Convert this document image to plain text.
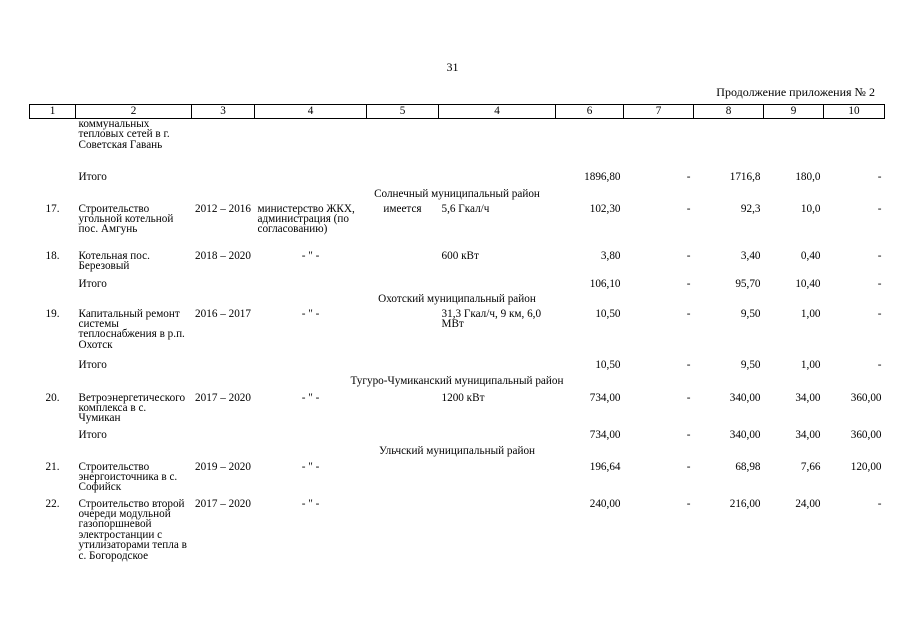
31
Продолжение приложения № 2
1	2	3	4	5	4	6	7	8	9	10
	коммунальных тепловых сетей в г. Советская Гавань									
	Итого					1896,80	-	1716,8	180,0	-
Солнечный муниципальный район										
17.	Строительство угольной котельной пос. Амгунь	2012 – 2016	министерство ЖКХ, администрация (по согласованию)	имеется	5,6 Гкал/ч	102,30	-	92,3	10,0	-
18.	Котельная пос. Березовый	2018 – 2020	- " -		600 кВт	3,80	-	3,40	0,40	-
	Итого					106,10	-	95,70	10,40	-
Охотский муниципальный район										
19.	Капитальный ремонт системы теплоснабжения в р.п. Охотск	2016 – 2017	- " -		31,3 Гкал/ч, 9 км, 6,0 МВт	10,50	-	9,50	1,00	-
	Итого					10,50	-	9,50	1,00	-
Тугуро-Чумиканский муниципальный район										
20.	Ветроэнергетического комплекса в с. Чумикан	2017 – 2020	- " -		1200 кВт	734,00	-	340,00	34,00	360,00
	Итого					734,00	-	340,00	34,00	360,00
Ульчский муниципальный район										
21.	Строительство энергоисточника в с. Софийск	2019 – 2020	- " -			196,64	-	68,98	7,66	120,00
22.	Строительство второй очереди модульной газопоршневой электростанции с утилизаторами тепла в с. Богородское	2017 – 2020	- " -			240,00	-	216,00	24,00	-
